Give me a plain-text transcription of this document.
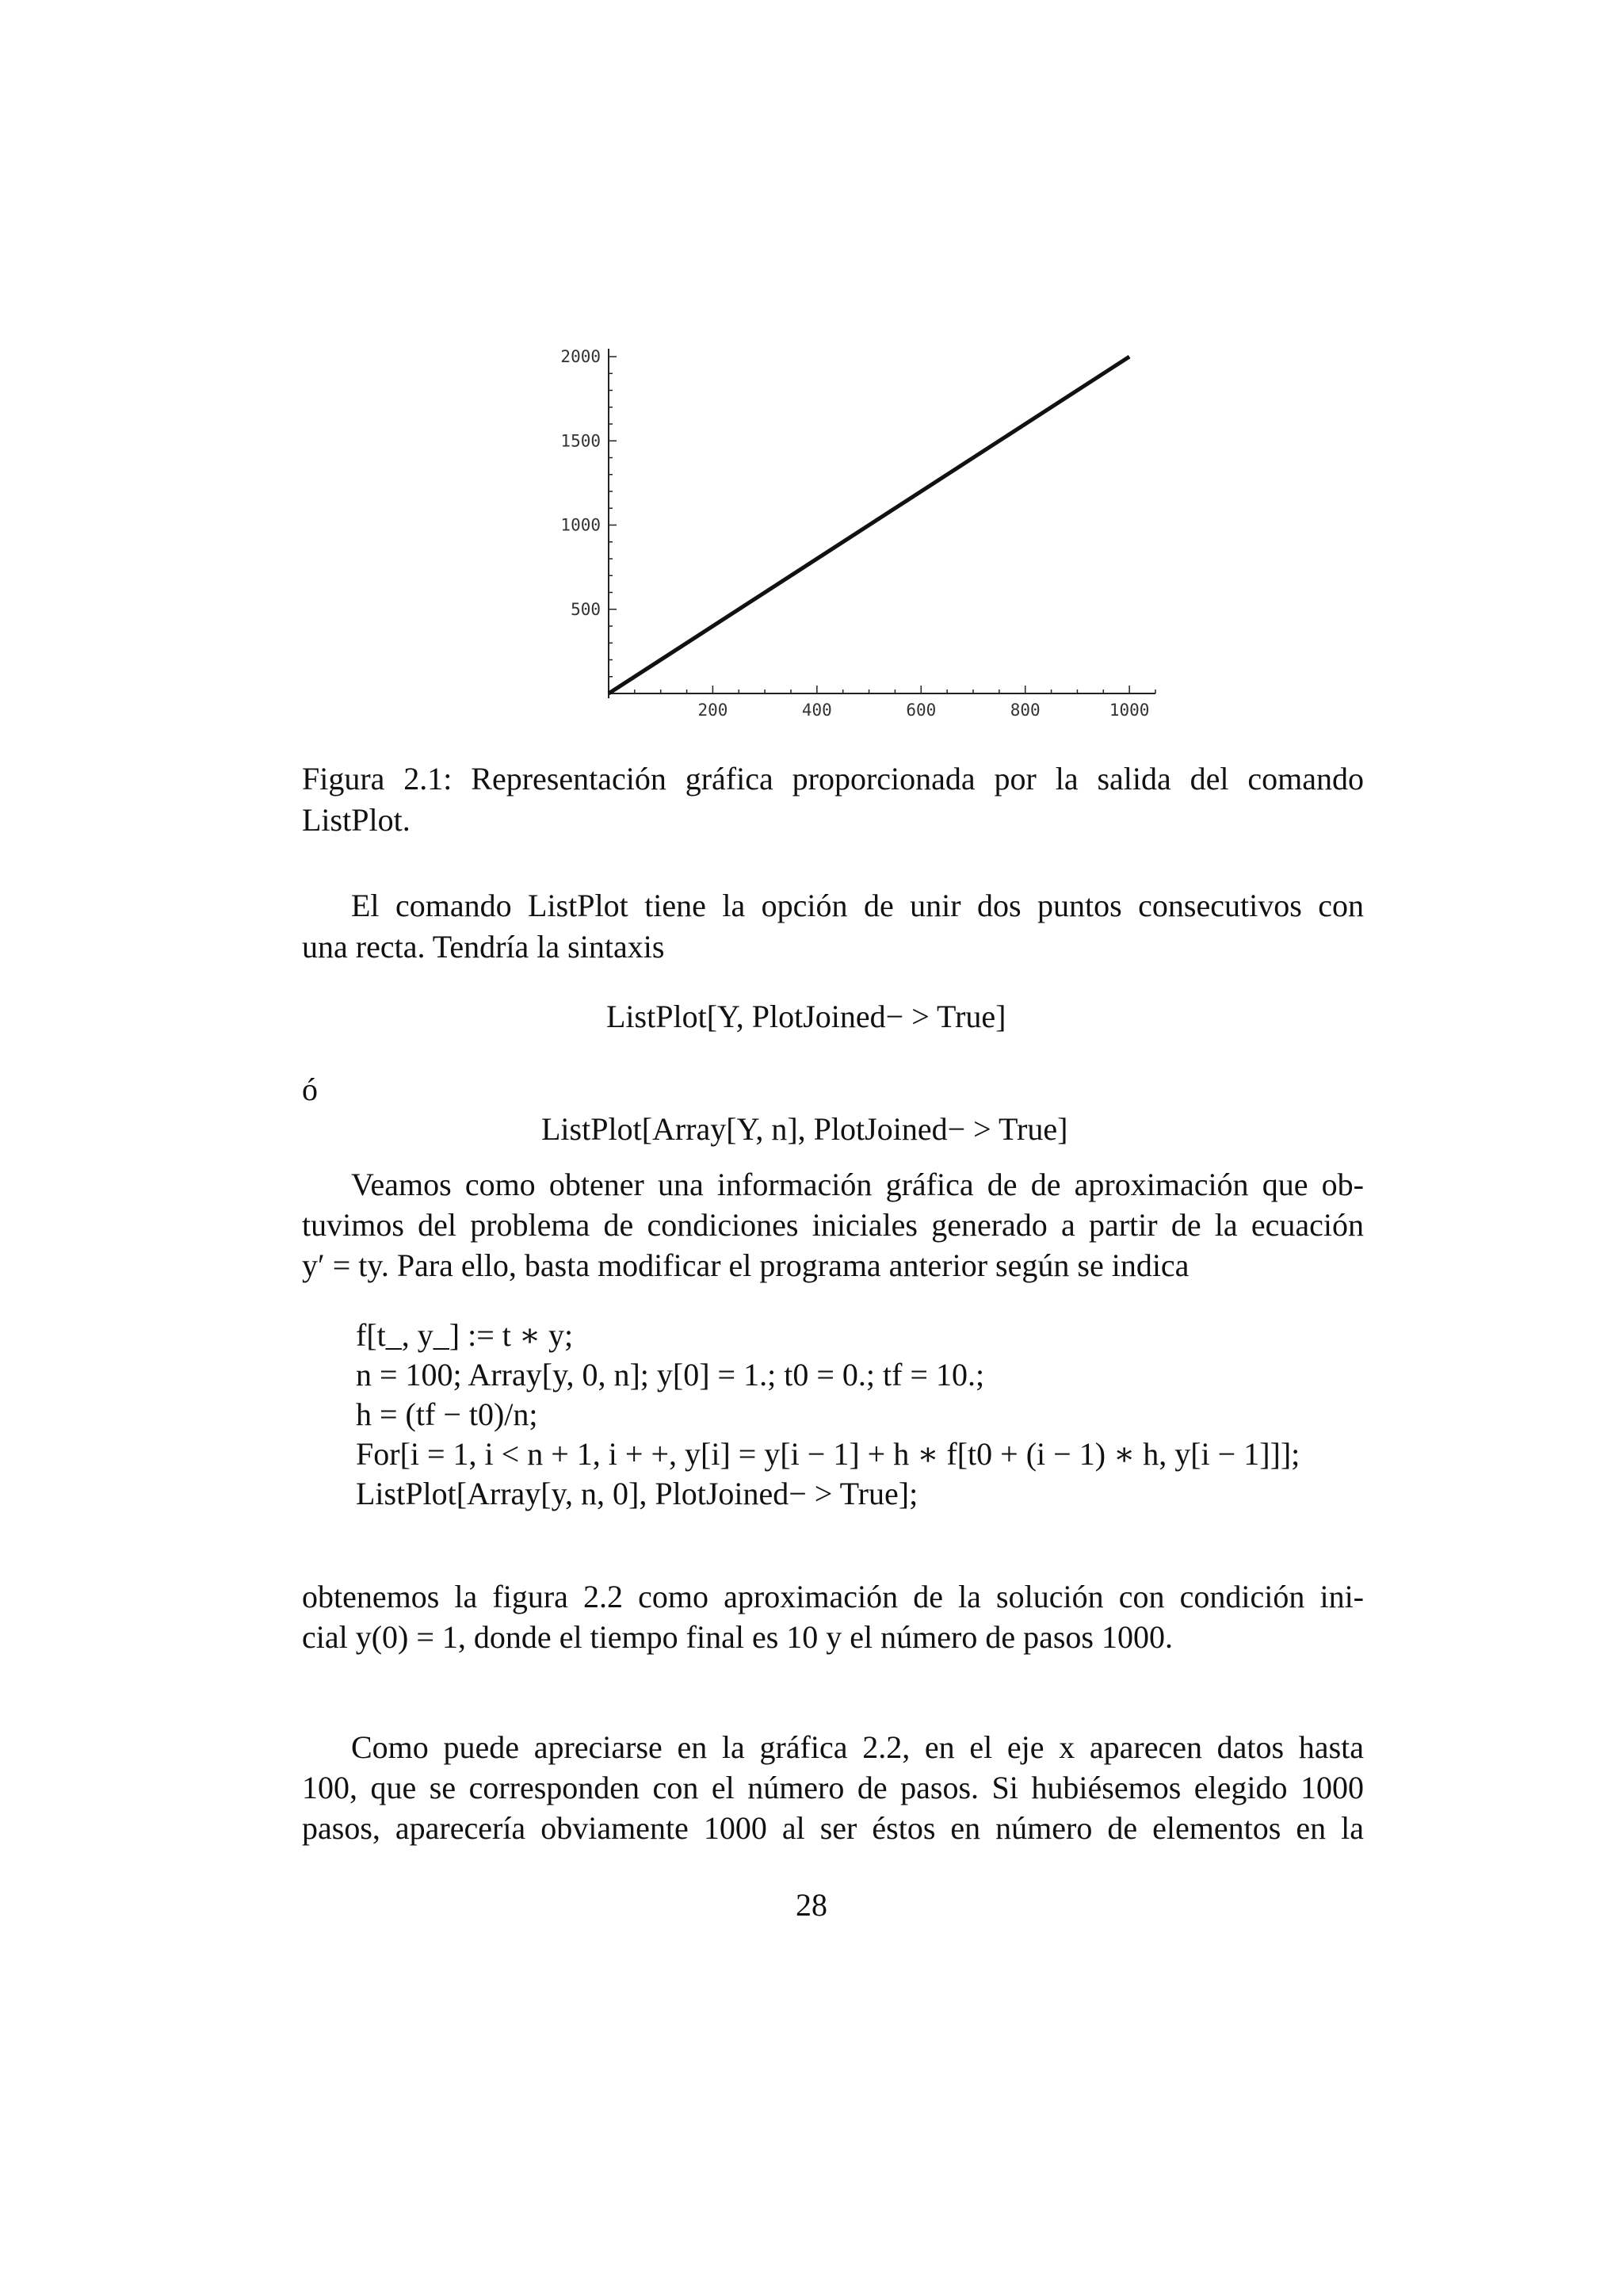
200	400	600	800	1000
500
1000
1500
2000
Figura 2.1: Representación gráfica proporcionada por la salida del comando
ListPlot.
El comando ListPlot tiene la opción de unir dos puntos consecutivos con
una recta. Tendría la sintaxis
ListPlot[Y, PlotJoined− > True]
ó
ListPlot[Array[Y, n], PlotJoined− > True]
Veamos como obtener una información gráfica de de aproximación que ob-
tuvimos del problema de condiciones iniciales generado a partir de la ecuación
y′ = ty. Para ello, basta modificar el programa anterior según se indica
f[t_, y_] := t ∗ y;
n = 100; Array[y, 0, n]; y[0] = 1.; t0 = 0.; tf = 10.;
h = (tf − t0)/n;
For[i = 1, i < n + 1, i + +, y[i] = y[i − 1] + h ∗ f[t0 + (i − 1) ∗ h, y[i − 1]]];
ListPlot[Array[y, n, 0], PlotJoined− > True];
obtenemos la figura 2.2 como aproximación de la solución con condición ini-
cial y(0) = 1, donde el tiempo final es 10 y el número de pasos 1000.
Como puede apreciarse en la gráfica 2.2, en el eje x aparecen datos hasta
100, que se corresponden con el número de pasos. Si hubiésemos elegido 1000
pasos, aparecería obviamente 1000 al ser éstos en número de elementos en la
28
